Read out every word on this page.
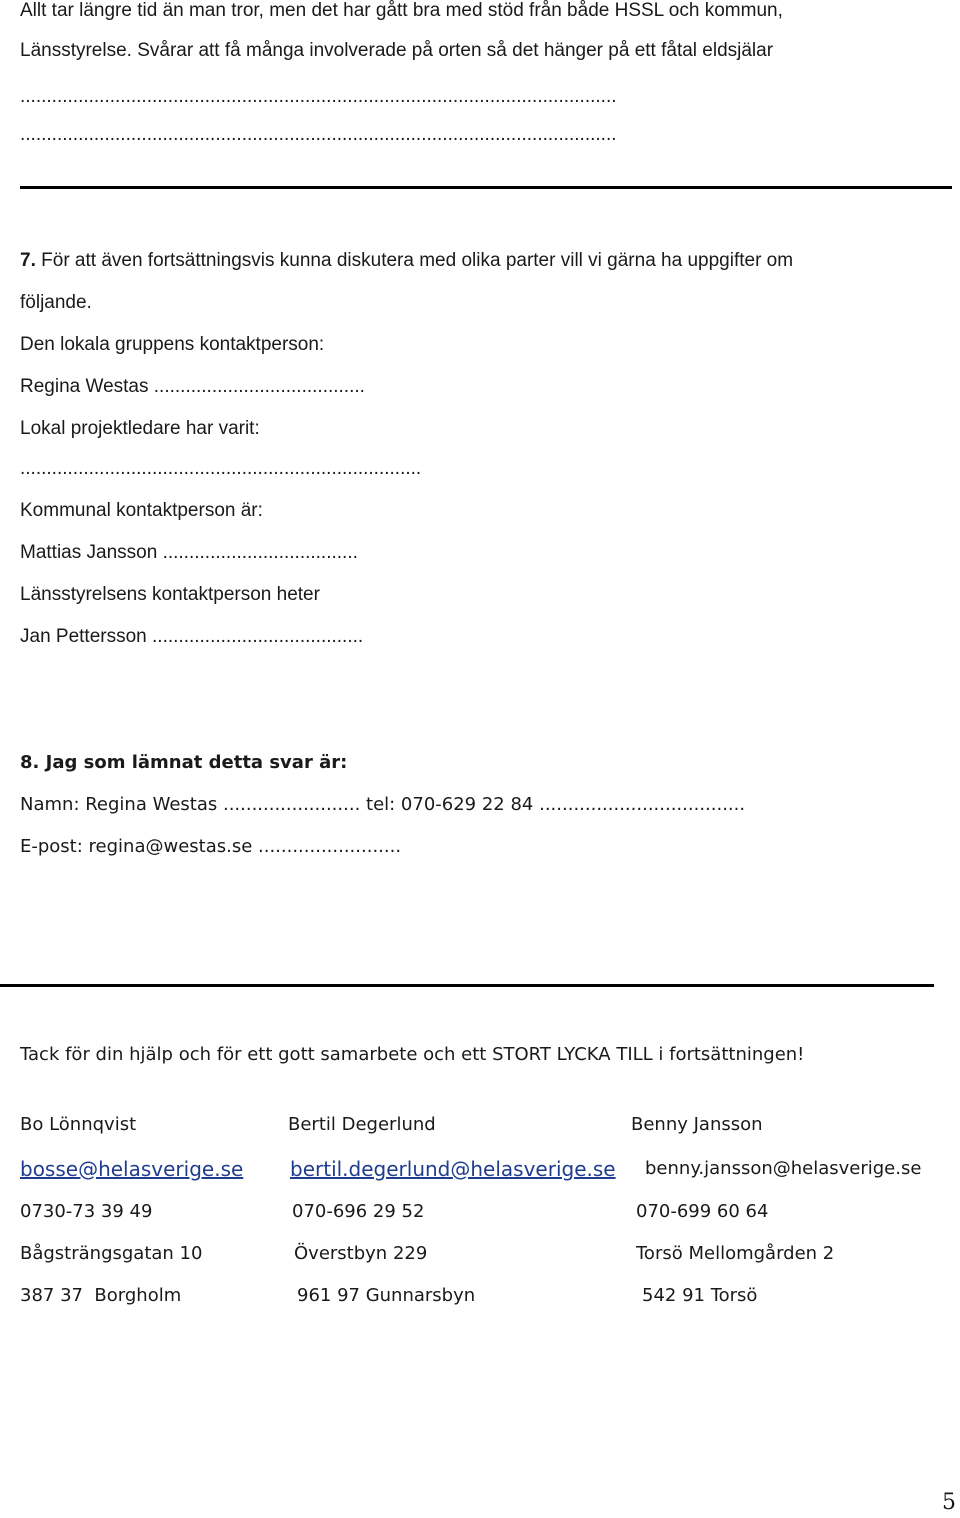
Allt tar längre tid än man tror, men det har gått bra med stöd från både HSSL och kommun,
Länsstyrelse. Svårar att få många involverade på orten så det hänger på ett fåtal eldsjälar
.................................................................................................................
.................................................................................................................
7. För att även fortsättningsvis kunna diskutera med olika parter vill vi gärna ha uppgifter om
följande.
Den lokala gruppens kontaktperson:
Regina Westas ........................................
Lokal projektledare har varit:
............................................................................
Kommunal kontaktperson är:
Mattias Jansson .....................................
Länsstyrelsens kontaktperson heter
Jan Pettersson ........................................
8. Jag som lämnat detta svar är:
Namn: Regina Westas ........................ tel: 070-629 22 84 ....................................
E-post: regina@westas.se .........................
Tack för din hjälp och för ett gott samarbete och ett STORT LYCKA TILL i fortsättningen!
Bo Lönnqvist	Bertil Degerlund	Benny Jansson
bosse@helasverige.se bertil.degerlund@helasverige.se benny.jansson@helasverige.se
0730-73 39 49	070-696 29 52	070-699 60 64
Bågsträngsgatan 10	Överstbyn 229	Torsö Mellomgården 2
387 37  Borgholm	961 97 Gunnarsbyn	542 91 Torsö
5
